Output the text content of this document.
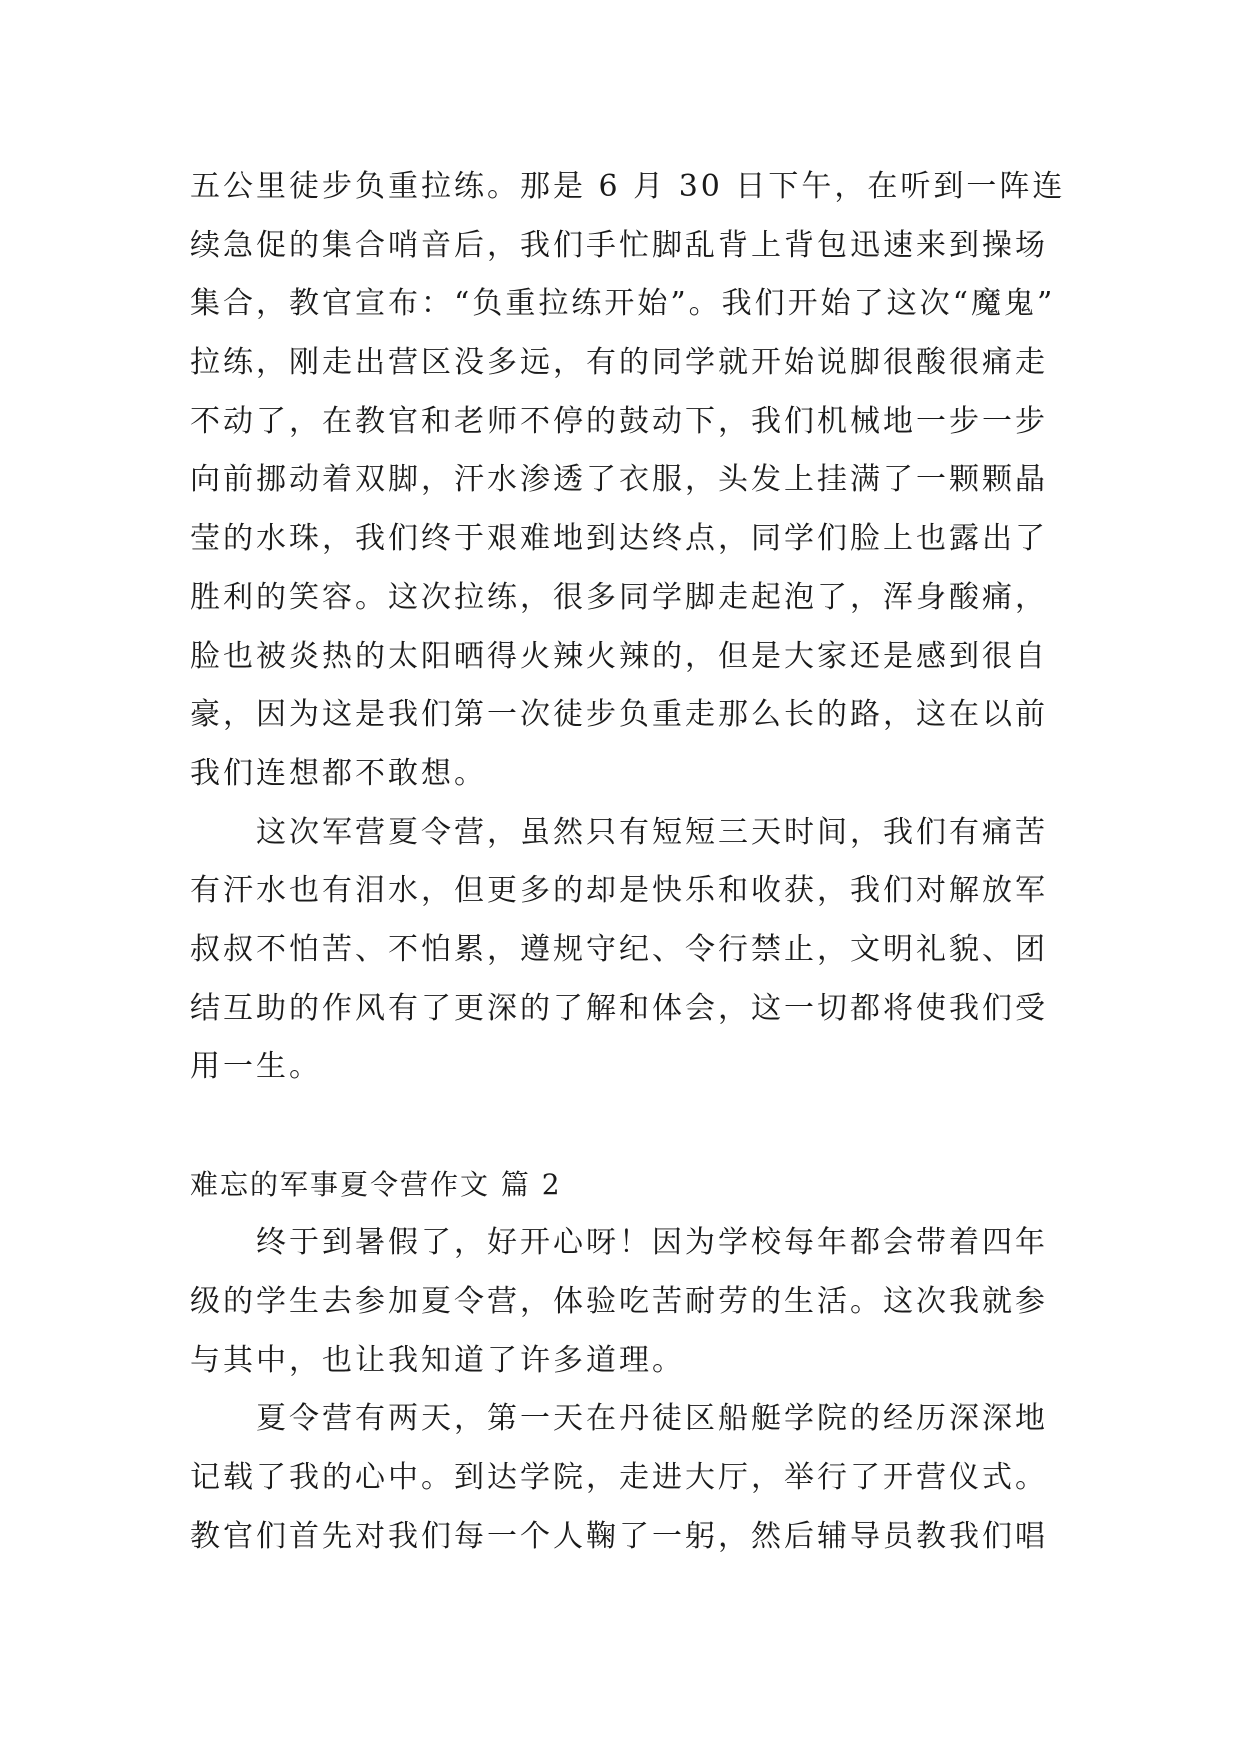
五公里徒步负重拉练。那是 6 月 30 日下午，在听到一阵连
续急促的集合哨音后，我们手忙脚乱背上背包迅速来到操场
集合，教官宣布：“负重拉练开始”。我们开始了这次“魔鬼”
拉练，刚走出营区没多远，有的同学就开始说脚很酸很痛走
不动了，在教官和老师不停的鼓动下，我们机械地一步一步
向前挪动着双脚，汗水渗透了衣服，头发上挂满了一颗颗晶
莹的水珠，我们终于艰难地到达终点，同学们脸上也露出了
胜利的笑容。这次拉练，很多同学脚走起泡了，浑身酸痛，
脸也被炎热的太阳晒得火辣火辣的，但是大家还是感到很自
豪，因为这是我们第一次徒步负重走那么长的路，这在以前
我们连想都不敢想。
这次军营夏令营，虽然只有短短三天时间，我们有痛苦
有汗水也有泪水，但更多的却是快乐和收获，我们对解放军
叔叔不怕苦、不怕累，遵规守纪、令行禁止，文明礼貌、团
结互助的作风有了更深的了解和体会，这一切都将使我们受
用一生。
难忘的军事夏令营作文 篇 2
终于到暑假了，好开心呀！因为学校每年都会带着四年
级的学生去参加夏令营，体验吃苦耐劳的生活。这次我就参
与其中，也让我知道了许多道理。
夏令营有两天，第一天在丹徒区船艇学院的经历深深地
记载了我的心中。到达学院，走进大厅，举行了开营仪式。
教官们首先对我们每一个人鞠了一躬，然后辅导员教我们唱
